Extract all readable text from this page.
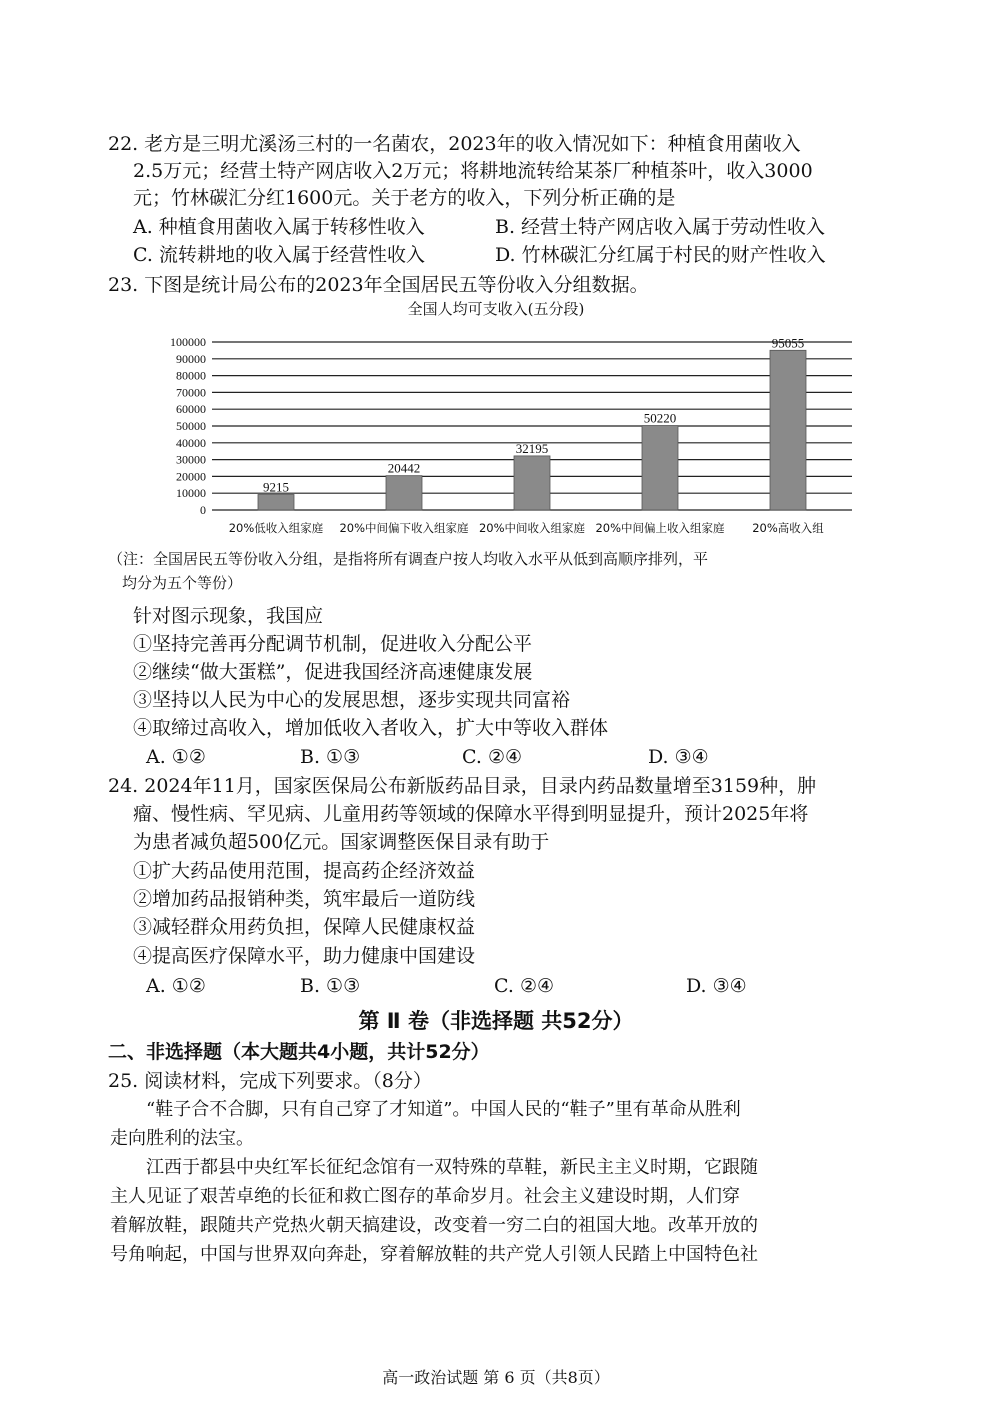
22. 老方是三明尤溪汤三村的一名菌农，2023年的收入情况如下：种植食用菌收入
2.5万元；经营土特产网店收入2万元；将耕地流转给某茶厂种植茶叶，收入3000
元；竹林碳汇分红1600元。关于老方的收入，下列分析正确的是
A. 种植食用菌收入属于转移性收入	B. 经营土特产网店收入属于劳动性收入
C. 流转耕地的收入属于经营性收入	D. 竹林碳汇分红属于村民的财产性收入
23. 下图是统计局公布的2023年全国居民五等份收入分组数据。
全国人均可支收入(五分段)
0
10000
20000
30000
40000
50000
60000
70000
80000
90000
100000
9215
20%低收入组家庭
20442
20%中间偏下收入组家庭
32195
20%中间收入组家庭
50220
20%中间偏上收入组家庭
95055
20%高收入组
（注：全国居民五等份收入分组，是指将所有调查户按人均收入水平从低到高顺序排列，平
均分为五个等份）
针对图示现象，我国应
①坚持完善再分配调节机制，促进收入分配公平
②继续“做大蛋糕”，促进我国经济高速健康发展
③坚持以人民为中心的发展思想，逐步实现共同富裕
④取缔过高收入，增加低收入者收入，扩大中等收入群体
A. ①②	B. ①③	C. ②④	D. ③④
24. 2024年11月，国家医保局公布新版药品目录，目录内药品数量增至3159种，肿
瘤、慢性病、罕见病、儿童用药等领域的保障水平得到明显提升，预计2025年将
为患者减负超500亿元。国家调整医保目录有助于
①扩大药品使用范围，提高药企经济效益
②增加药品报销种类，筑牢最后一道防线
③减轻群众用药负担，保障人民健康权益
④提高医疗保障水平，助力健康中国建设
A. ①②	B. ①③	C. ②④	D. ③④
第 Ⅱ 卷（非选择题 共52分）
二、非选择题（本大题共4小题，共计52分）
25. 阅读材料，完成下列要求。（8分）
“鞋子合不合脚，只有自己穿了才知道”。中国人民的“鞋子”里有革命从胜利
走向胜利的法宝。
江西于都县中央红军长征纪念馆有一双特殊的草鞋，新民主主义时期，它跟随
主人见证了艰苦卓绝的长征和救亡图存的革命岁月。社会主义建设时期，人们穿
着解放鞋，跟随共产党热火朝天搞建设，改变着一穷二白的祖国大地。改革开放的
号角响起，中国与世界双向奔赴，穿着解放鞋的共产党人引领人民踏上中国特色社
高一政治试题 第 6 页（共8页）
